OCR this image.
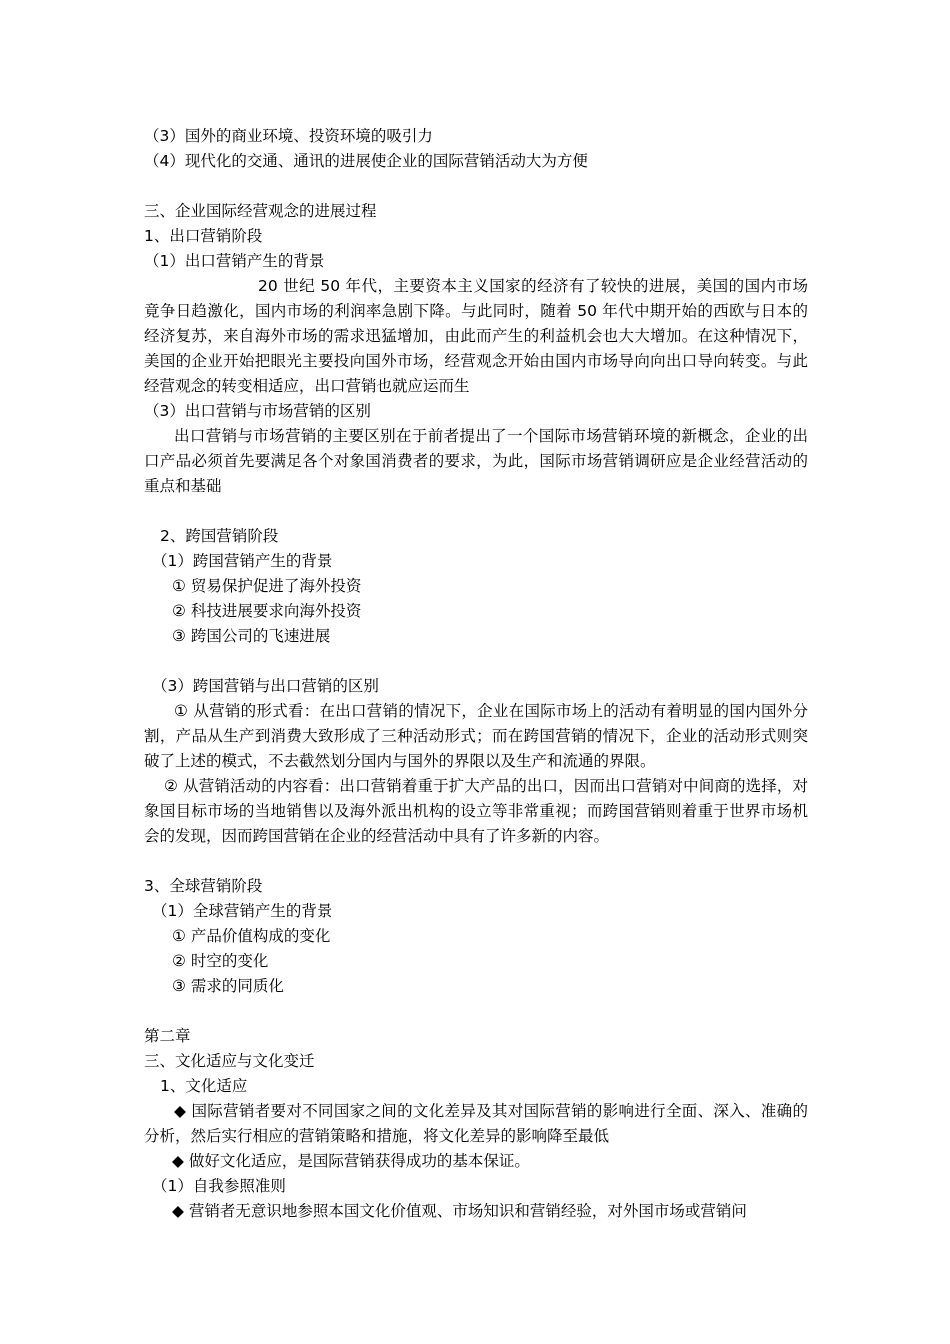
（3）国外的商业环境、投资环境的吸引力
（4）现代化的交通、通讯的进展使企业的国际营销活动大为方便
三、企业国际经营观念的进展过程
1、出口营销阶段
（1）出口营销产生的背景
20 世纪 50 年代，主要资本主义国家的经济有了较快的进展，美国的国内市场竟争日趋激化，国内市场的利润率急剧下降。与此同时，随着 50 年代中期开始的西欧与日本的经济复苏，来自海外市场的需求迅猛增加，由此而产生的利益机会也大大增加。在这种情况下，美国的企业开始把眼光主要投向国外市场，经营观念开始由国内市场导向向出口导向转变。与此经营观念的转变相适应，出口营销也就应运而生
（3）出口营销与市场营销的区别
出口营销与市场营销的主要区别在于前者提出了一个国际市场营销环境的新概念，企业的出口产品必须首先要满足各个对象国消费者的要求，为此，国际市场营销调研应是企业经营活动的重点和基础
2、跨国营销阶段
（1）跨国营销产生的背景
① 贸易保护促进了海外投资
② 科技进展要求向海外投资
③ 跨国公司的飞速进展
（3）跨国营销与出口营销的区别
① 从营销的形式看：在出口营销的情况下，企业在国际市场上的活动有着明显的国内国外分割，产品从生产到消费大致形成了三种活动形式；而在跨国营销的情况下，企业的活动形式则突破了上述的模式，不去截然划分国内与国外的界限以及生产和流通的界限。
② 从营销活动的内容看：出口营销着重于扩大产品的出口，因而出口营销对中间商的选择，对象国目标市场的当地销售以及海外派出机构的设立等非常重视；而跨国营销则着重于世界市场机会的发现，因而跨国营销在企业的经营活动中具有了许多新的内容。
3、全球营销阶段
（1）全球营销产生的背景
① 产品价值构成的变化
② 时空的变化
③ 需求的同质化
第二章
三、文化适应与文化变迁
1、文化适应
◆ 国际营销者要对不同国家之间的文化差异及其对国际营销的影响进行全面、深入、准确的分析，然后实行相应的营销策略和措施，将文化差异的影响降至最低
◆ 做好文化适应，是国际营销获得成功的基本保证。
（1）自我参照准则
◆ 营销者无意识地参照本国文化价值观、市场知识和营销经验，对外国市场或营销问
